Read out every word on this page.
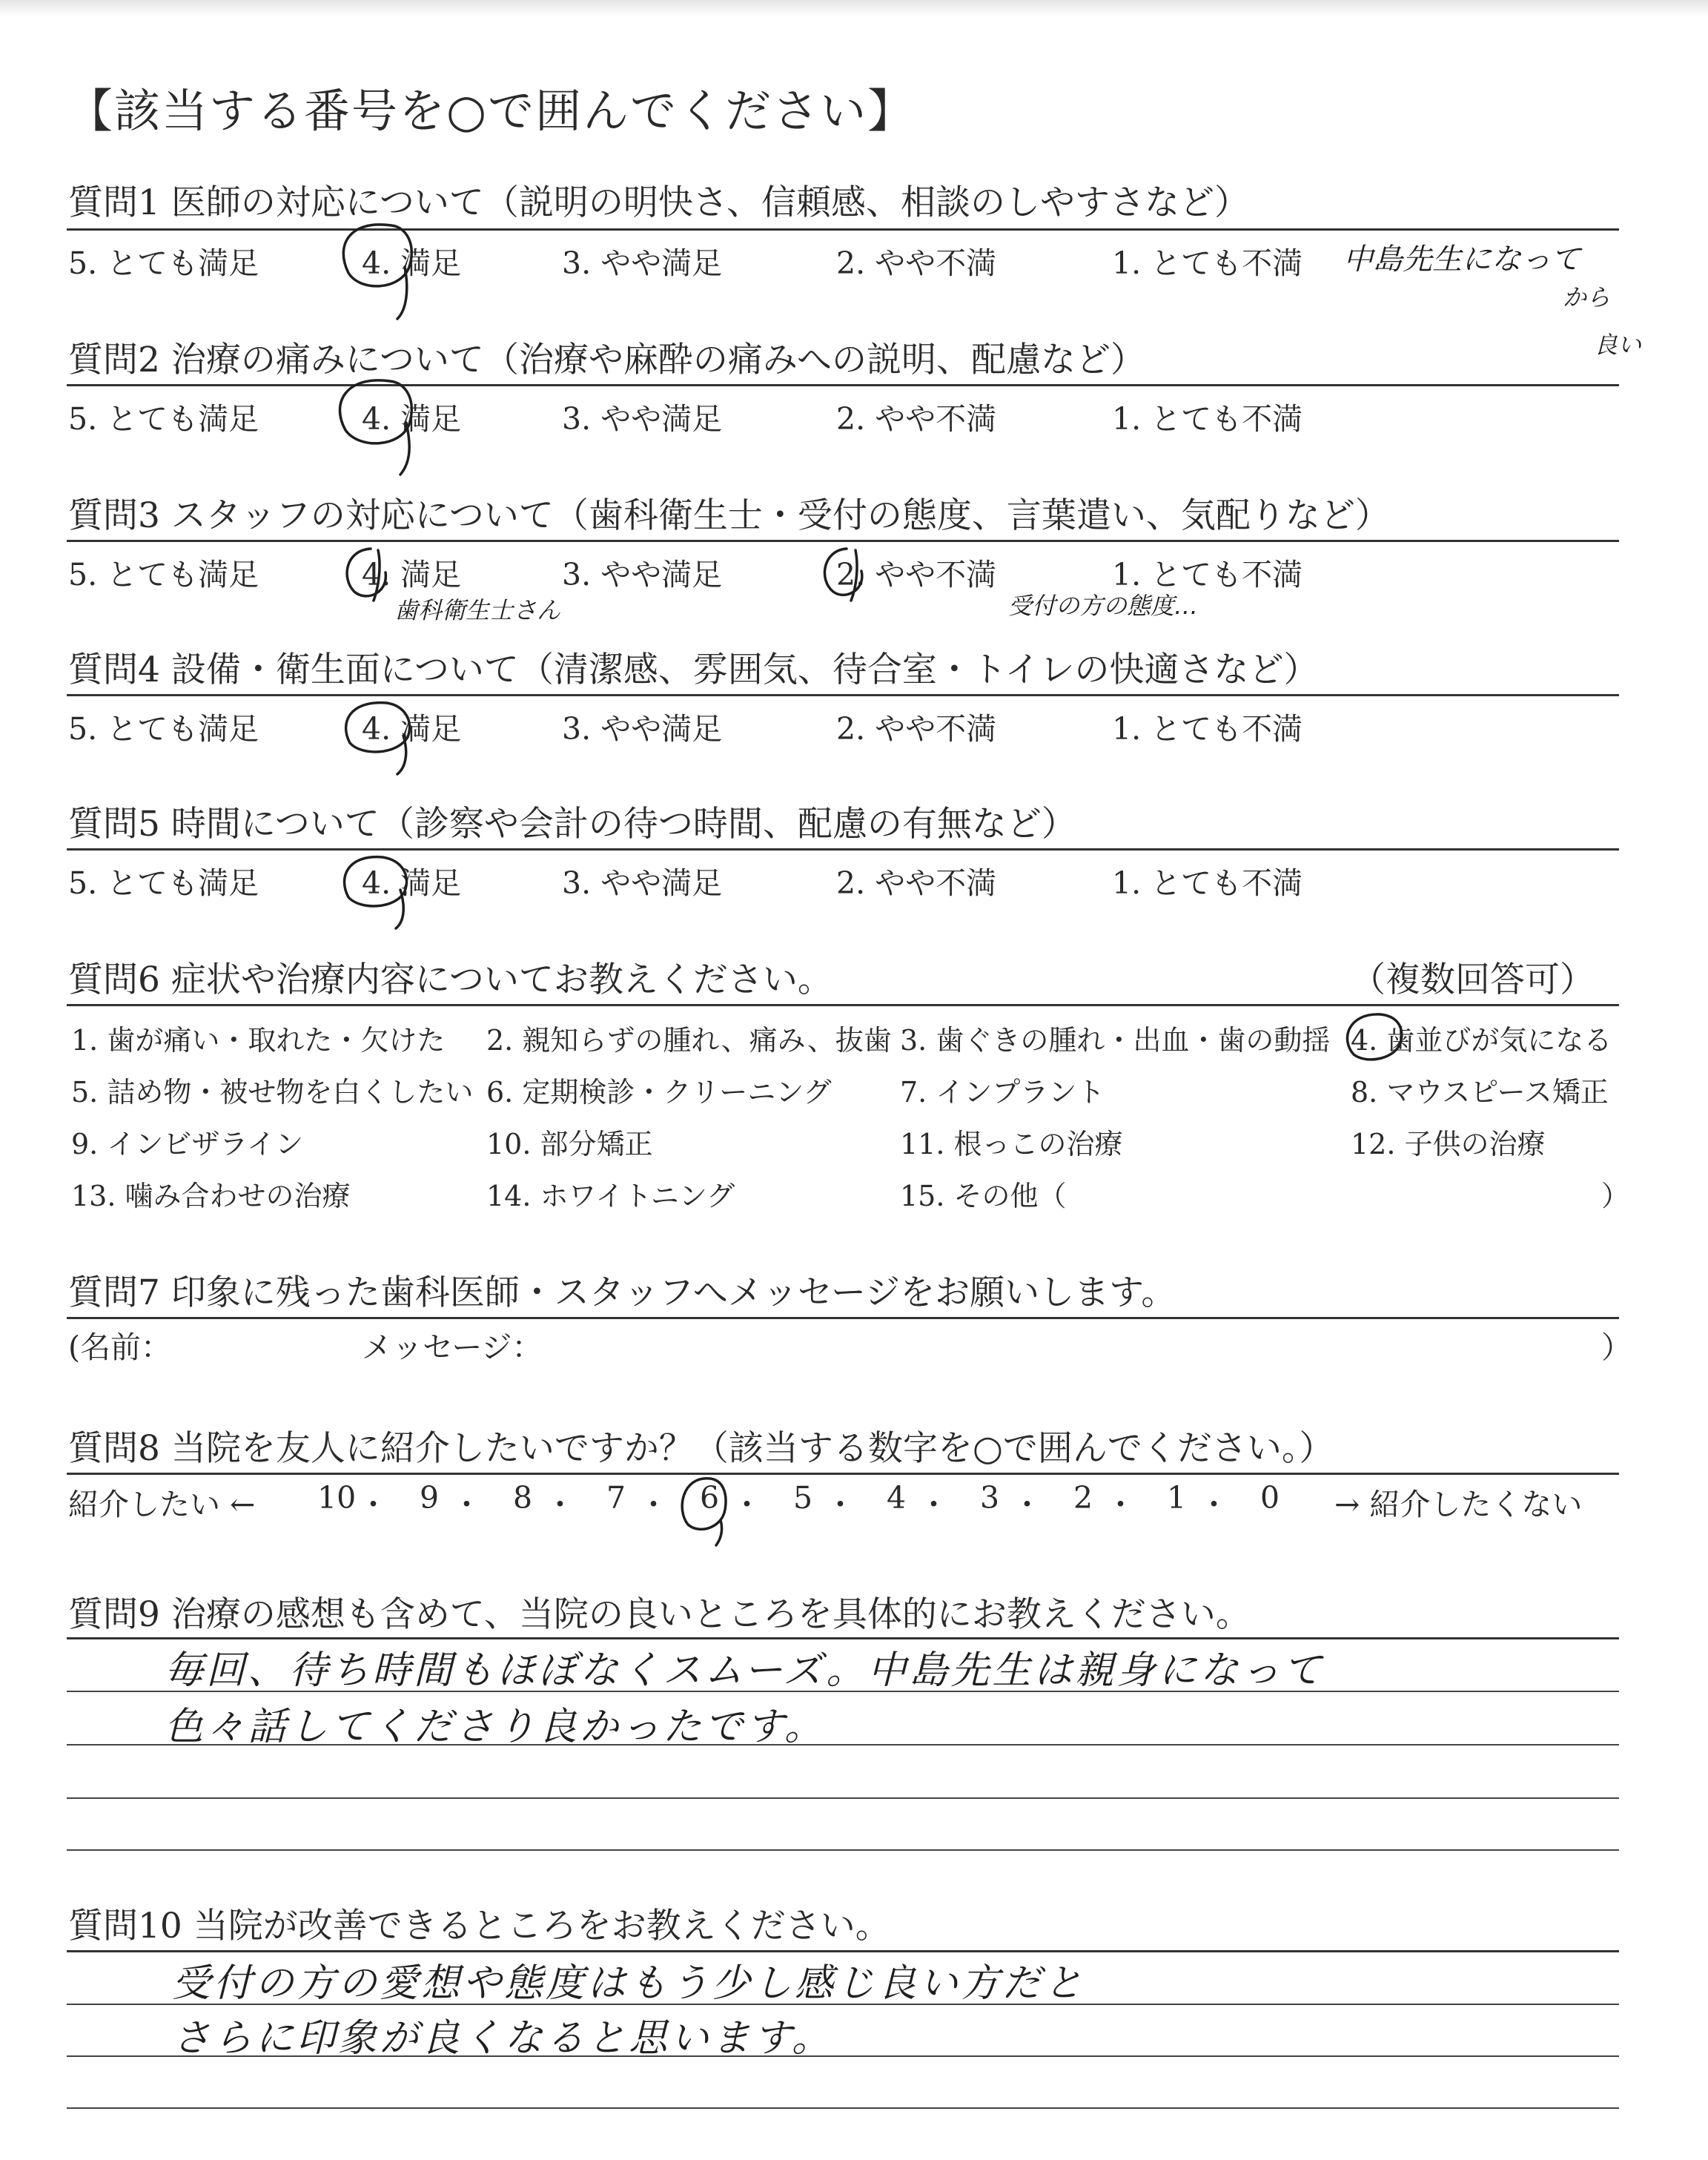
【該当する番号を○で囲んでください】
質問1 医師の対応について（説明の明快さ、信頼感、相談のしやすさなど）
5. とても満足	4. 満足	3. やや満足	2. やや不満	1. とても不満 中島先生になって
から
良い
質問2 治療の痛みについて（治療や麻酔の痛みへの説明、配慮など）
5. とても満足	4. 満足	3. やや満足	2. やや不満	1. とても不満
質問3 スタッフの対応について（歯科衛生士・受付の態度、言葉遣い、気配りなど）
5. とても満足	4. 満足	3. やや満足	2. やや不満	1. とても不満
歯科衛生士さん	受付の方の態度…
質問4 設備・衛生面について（清潔感、雰囲気、待合室・トイレの快適さなど）
5. とても満足	4. 満足	3. やや満足	2. やや不満	1. とても不満
質問5 時間について（診察や会計の待つ時間、配慮の有無など）
5. とても満足	4. 満足	3. やや満足	2. やや不満	1. とても不満
質問6 症状や治療内容についてお教えください。	（複数回答可）
1. 歯が痛い・取れた・欠けた 2. 親知らずの腫れ、痛み、抜歯 3. 歯ぐきの腫れ・出血・歯の動揺 4. 歯並びが気になる
5. 詰め物・被せ物を白くしたい 6. 定期検診・クリーニング 7. インプラント	8. マウスピース矯正
9. インビザライン	10. 部分矯正	11. 根っこの治療	12. 子供の治療
13. 噛み合わせの治療	14. ホワイトニング	15. その他（	）
質問7 印象に残った歯科医師・スタッフへメッセージをお願いします。
(名前：	メッセージ：	）
質問8 当院を友人に紹介したいですか？（該当する数字を○で囲んでください。）
紹介したい ← 10 ・ 9 ・ 8 ・ 7 ・ 6 ・ 5 ・ 4 ・ 3 ・ 2 ・ 1 ・ 0 → 紹介したくない
質問9 治療の感想も含めて、当院の良いところを具体的にお教えください。
毎回、待ち時間もほぼなくスムーズ。中島先生は親身になって
色々話してくださり良かったです。
質問10 当院が改善できるところをお教えください。
受付の方の愛想や態度はもう少し感じ良い方だと
さらに印象が良くなると思います。
